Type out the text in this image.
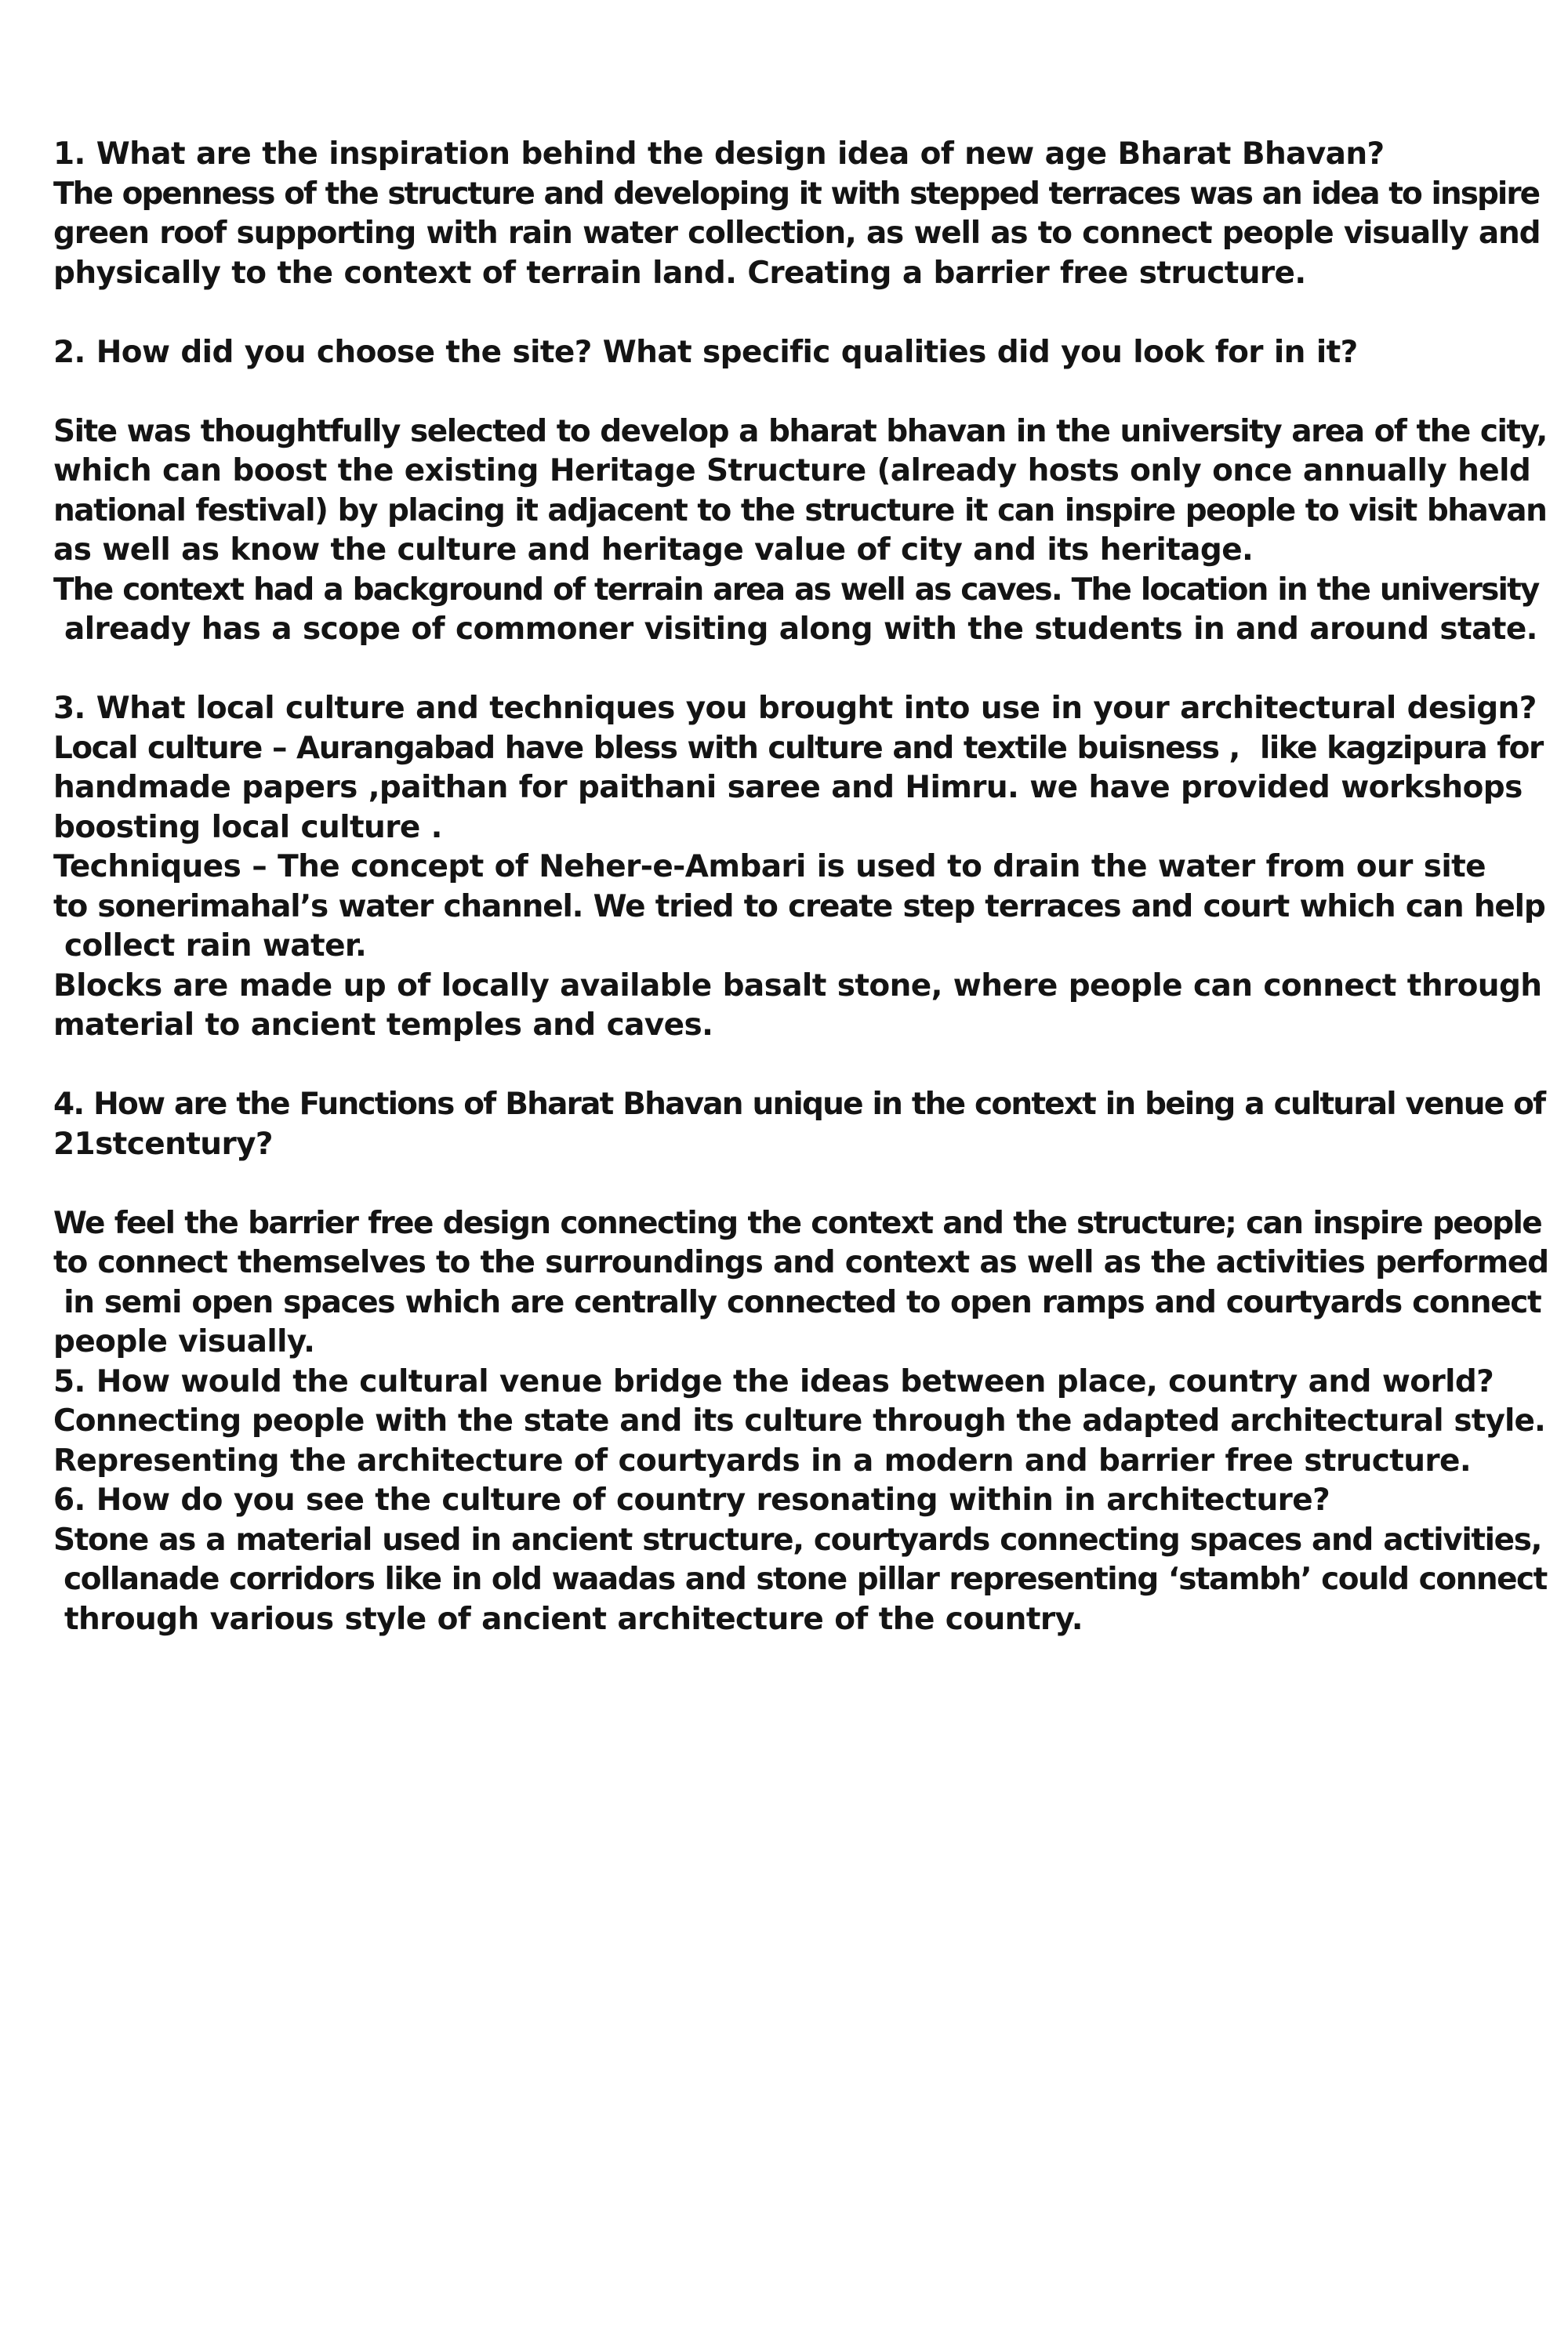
1. What are the inspiration behind the design idea of new age Bharat Bhavan?
The openness of the structure and developing it with stepped terraces was an idea to inspire
green roof supporting with rain water collection, as well as to connect people visually and
physically to the context of terrain land. Creating a barrier free structure.
2. How did you choose the site? What specific qualities did you look for in it?
Site was thoughtfully selected to develop a bharat bhavan in the university area of the city,
which can boost the existing Heritage Structure (already hosts only once annually held
national festival) by placing it adjacent to the structure it can inspire people to visit bhavan
as well as know the culture and heritage value of city and its heritage.
The context had a background of terrain area as well as caves. The location in the university
already has a scope of commoner visiting along with the students in and around state.
3. What local culture and techniques you brought into use in your architectural design?
Local culture – Aurangabad have bless with culture and textile buisness ,  like kagzipura for
handmade papers ,paithan for paithani saree and Himru. we have provided workshops
boosting local culture .
Techniques – The concept of Neher-e-Ambari is used to drain the water from our site
to sonerimahal’s water channel. We tried to create step terraces and court which can help
collect rain water.
Blocks are made up of locally available basalt stone, where people can connect through
material to ancient temples and caves.
4. How are the Functions of Bharat Bhavan unique in the context in being a cultural venue of
21stcentury?
We feel the barrier free design connecting the context and the structure; can inspire people
to connect themselves to the surroundings and context as well as the activities performed
in semi open spaces which are centrally connected to open ramps and courtyards connect
people visually.
5. How would the cultural venue bridge the ideas between place, country and world?
Connecting people with the state and its culture through the adapted architectural style.
Representing the architecture of courtyards in a modern and barrier free structure.
6. How do you see the culture of country resonating within in architecture?
Stone as a material used in ancient structure, courtyards connecting spaces and activities,
collanade corridors like in old waadas and stone pillar representing ‘stambh’ could connect
through various style of ancient architecture of the country.
